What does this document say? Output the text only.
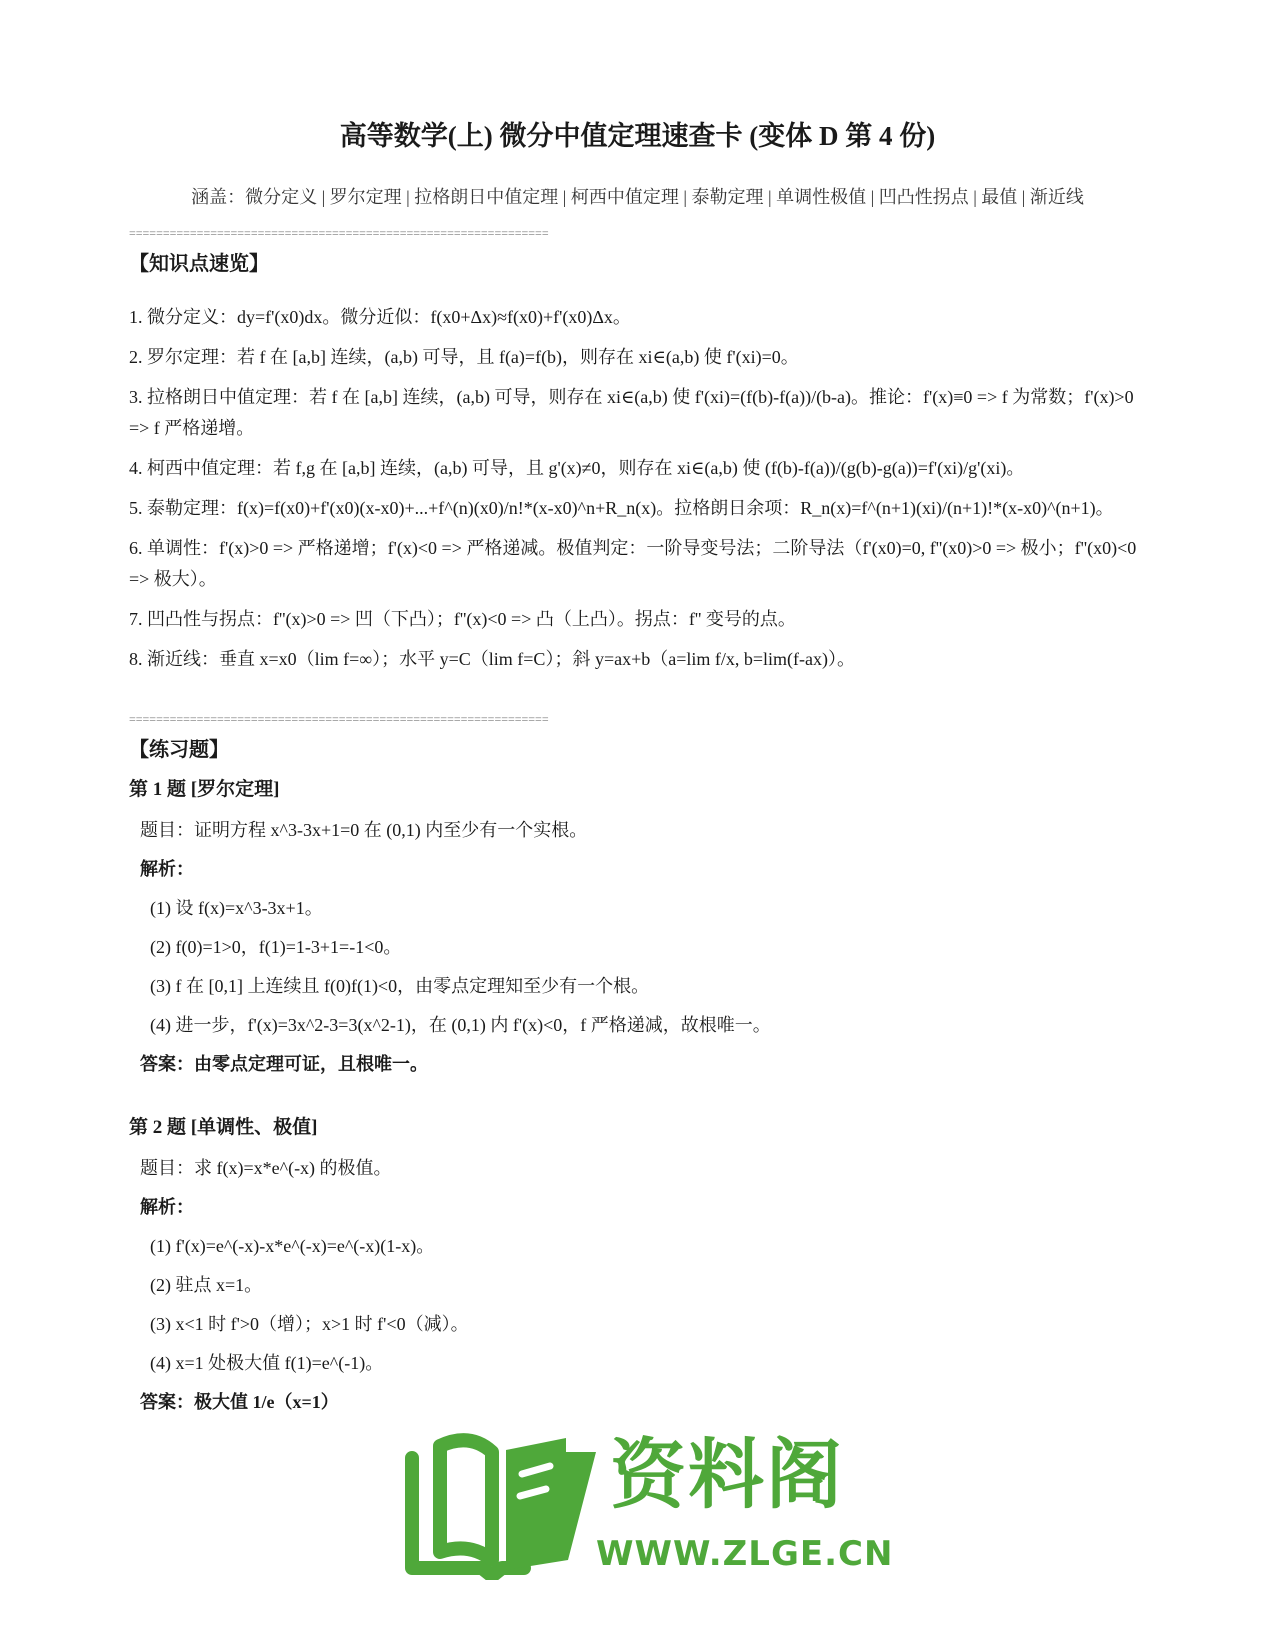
高等数学(上) 微分中值定理速查卡 (变体 D 第 4 份)
涵盖：微分定义 | 罗尔定理 | 拉格朗日中值定理 | 柯西中值定理 | 泰勒定理 | 单调性极值 | 凹凸性拐点 | 最值 | 渐近线
==============================================================
【知识点速览】
1. 微分定义：dy=f'(x0)dx。微分近似：f(x0+Δx)≈f(x0)+f'(x0)Δx。
2. 罗尔定理：若 f 在 [a,b] 连续，(a,b) 可导，且 f(a)=f(b)，则存在 xi∈(a,b) 使 f'(xi)=0。
3. 拉格朗日中值定理：若 f 在 [a,b] 连续，(a,b) 可导，则存在 xi∈(a,b) 使 f'(xi)=(f(b)-f(a))/(b-a)。推论：f'(x)≡0 => f 为常数；f'(x)>0 => f 严格递增。
4. 柯西中值定理：若 f,g 在 [a,b] 连续，(a,b) 可导，且 g'(x)≠0，则存在 xi∈(a,b) 使 (f(b)-f(a))/(g(b)-g(a))=f'(xi)/g'(xi)。
5. 泰勒定理：f(x)=f(x0)+f'(x0)(x-x0)+...+f^(n)(x0)/n!*(x-x0)^n+R_n(x)。拉格朗日余项：R_n(x)=f^(n+1)(xi)/(n+1)!*(x-x0)^(n+1)。
6. 单调性：f'(x)>0 => 严格递增；f'(x)<0 => 严格递减。极值判定：一阶导变号法；二阶导法（f'(x0)=0, f''(x0)>0 => 极小；f''(x0)<0 => 极大）。
7. 凹凸性与拐点：f''(x)>0 => 凹（下凸）；f''(x)<0 => 凸（上凸）。拐点：f'' 变号的点。
8. 渐近线：垂直 x=x0（lim f=∞）；水平 y=C（lim f=C）；斜 y=ax+b（a=lim f/x, b=lim(f-ax)）。
==============================================================
【练习题】
第 1 题 [罗尔定理]
题目：证明方程 x^3-3x+1=0 在 (0,1) 内至少有一个实根。
解析：
(1) 设 f(x)=x^3-3x+1。
(2) f(0)=1>0，f(1)=1-3+1=-1<0。
(3) f 在 [0,1] 上连续且 f(0)f(1)<0，由零点定理知至少有一个根。
(4) 进一步，f'(x)=3x^2-3=3(x^2-1)，在 (0,1) 内 f'(x)<0，f 严格递减，故根唯一。
答案：由零点定理可证，且根唯一。
第 2 题 [单调性、极值]
题目：求 f(x)=x*e^(-x) 的极值。
解析：
(1) f'(x)=e^(-x)-x*e^(-x)=e^(-x)(1-x)。
(2) 驻点 x=1。
(3) x<1 时 f'>0（增）；x>1 时 f'<0（减）。
(4) x=1 处极大值 f(1)=e^(-1)。
答案：极大值 1/e（x=1）
资料阁
WWW.ZLGE.CN
